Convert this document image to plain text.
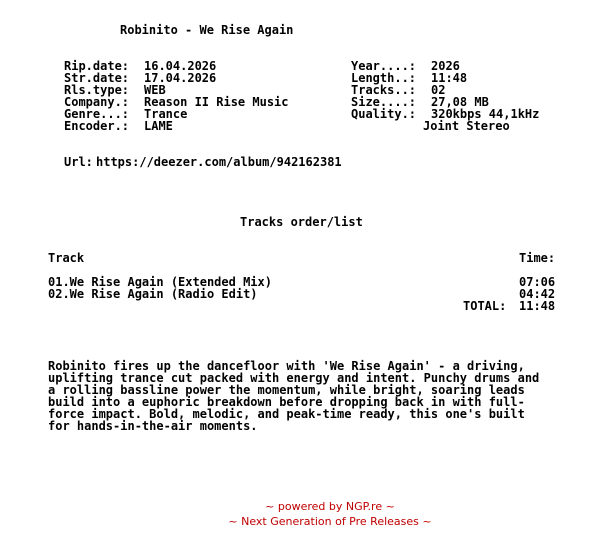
Robinito - We Rise Again
Rip.date: 16.04.2026
Str.date: 17.04.2026
Rls.type: WEB
Company.: Reason II Rise Music
Genre...: Trance
Encoder.: LAME
Year....: 2026
Length..: 11:48
Tracks..: 02
Size....: 27,08 MB
Quality.: 320kbps 44,1kHz
Joint Stereo
Url: https://deezer.com/album/942162381
Tracks order/list
Track	Time:
01.We Rise Again (Extended Mix)	07:06
02.We Rise Again (Radio Edit)	04:42
TOTAL: 11:48
Robinito fires up the dancefloor with 'We Rise Again' - a driving,
uplifting trance cut packed with energy and intent. Punchy drums and
a rolling bassline power the momentum, while bright, soaring leads
build into a euphoric breakdown before dropping back in with full-
force impact. Bold, melodic, and peak-time ready, this one's built
for hands-in-the-air moments.
~ powered by NGP.re ~
~ Next Generation of Pre Releases ~
